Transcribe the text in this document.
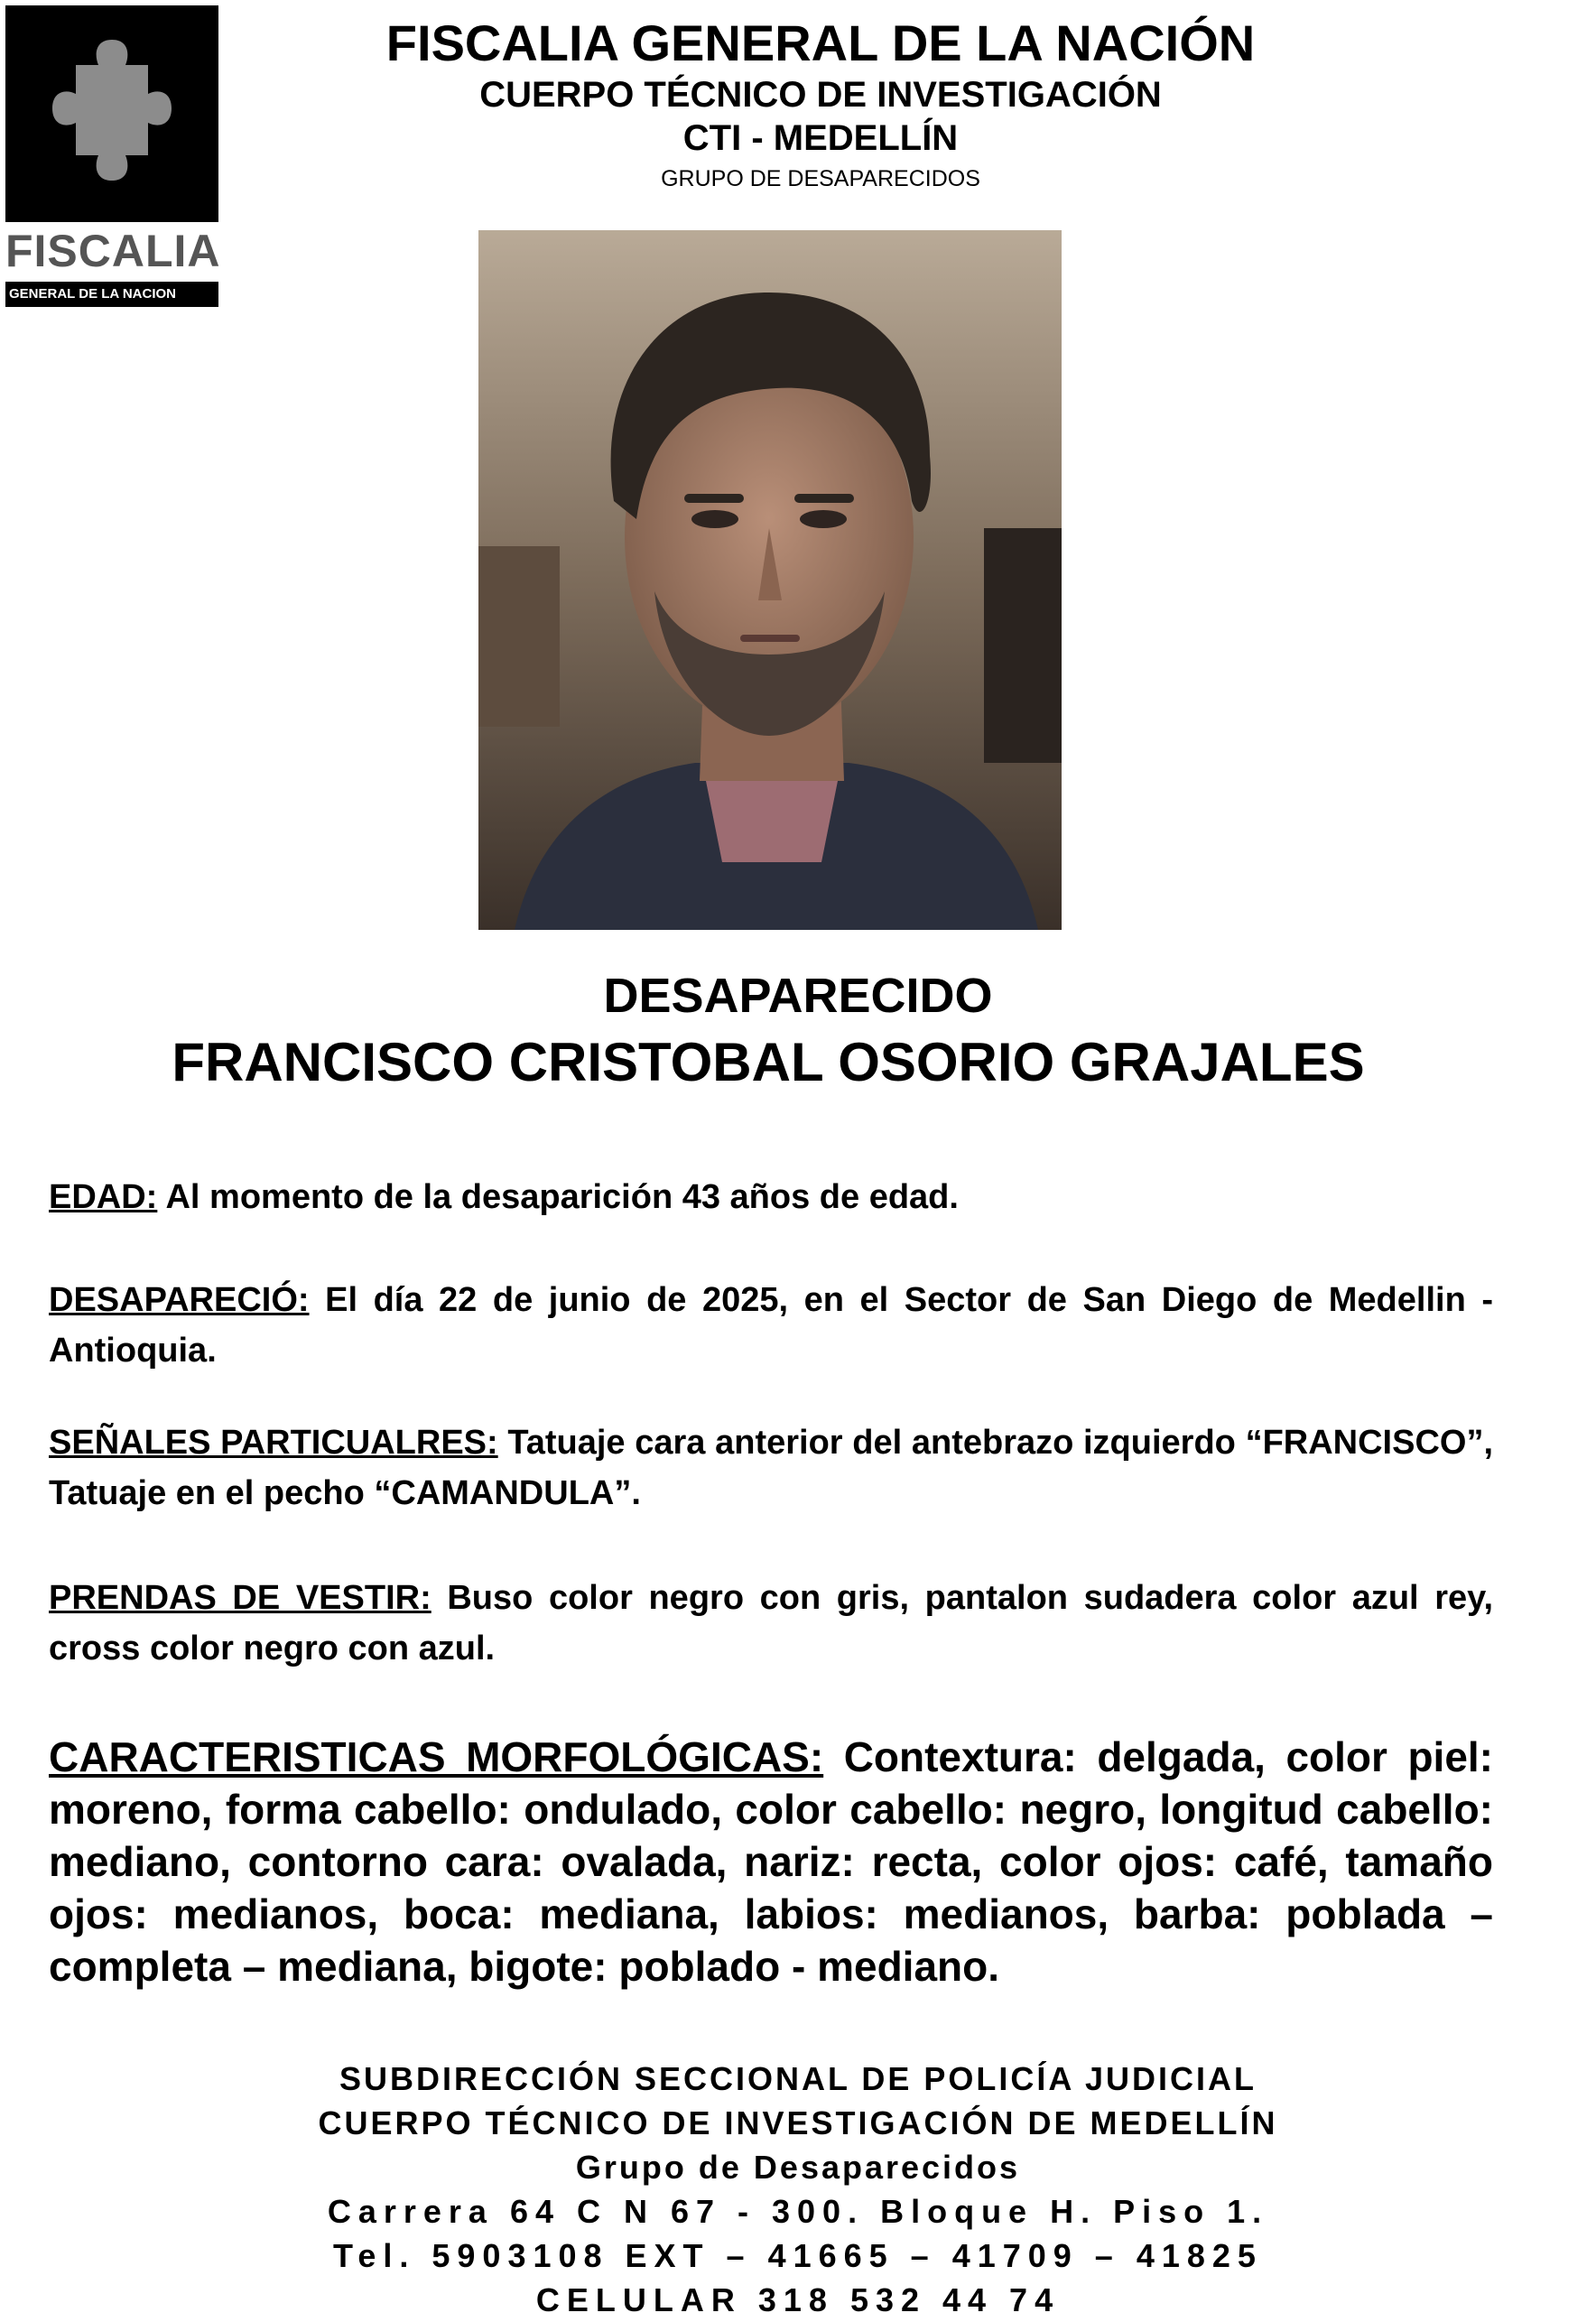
FISCALIA
GENERAL DE LA NACION
FISCALIA GENERAL DE LA NACIÓN
CUERPO TÉCNICO DE INVESTIGACIÓN
CTI - MEDELLÍN
GRUPO DE DESAPARECIDOS
DESAPARECIDO
FRANCISCO CRISTOBAL OSORIO GRAJALES
EDAD: Al momento de la desaparición 43 años de edad.
DESAPARECIÓ: El día 22 de junio de 2025, en el Sector de San Diego de Medellin - Antioquia.
SEÑALES PARTICUALRES: Tatuaje cara anterior del antebrazo izquierdo “FRANCISCO”, Tatuaje en el pecho “CAMANDULA”.
PRENDAS DE VESTIR: Buso color negro con gris, pantalon sudadera color azul rey, cross color negro con azul.
CARACTERISTICAS MORFOLÓGICAS: Contextura: delgada, color piel: moreno, forma cabello: ondulado, color cabello: negro, longitud cabello: mediano, contorno cara: ovalada, nariz: recta, color ojos: café, tamaño ojos: medianos, boca: mediana, labios: medianos, barba: poblada – completa – mediana, bigote: poblado - mediano.
SUBDIRECCIÓN SECCIONAL DE POLICÍA JUDICIAL
CUERPO TÉCNICO DE INVESTIGACIÓN DE MEDELLÍN
Grupo de Desaparecidos
Carrera 64 C N 67 - 300. Bloque H. Piso 1.
Tel. 5903108 EXT – 41665 – 41709 – 41825
CELULAR 318 532 44 74
